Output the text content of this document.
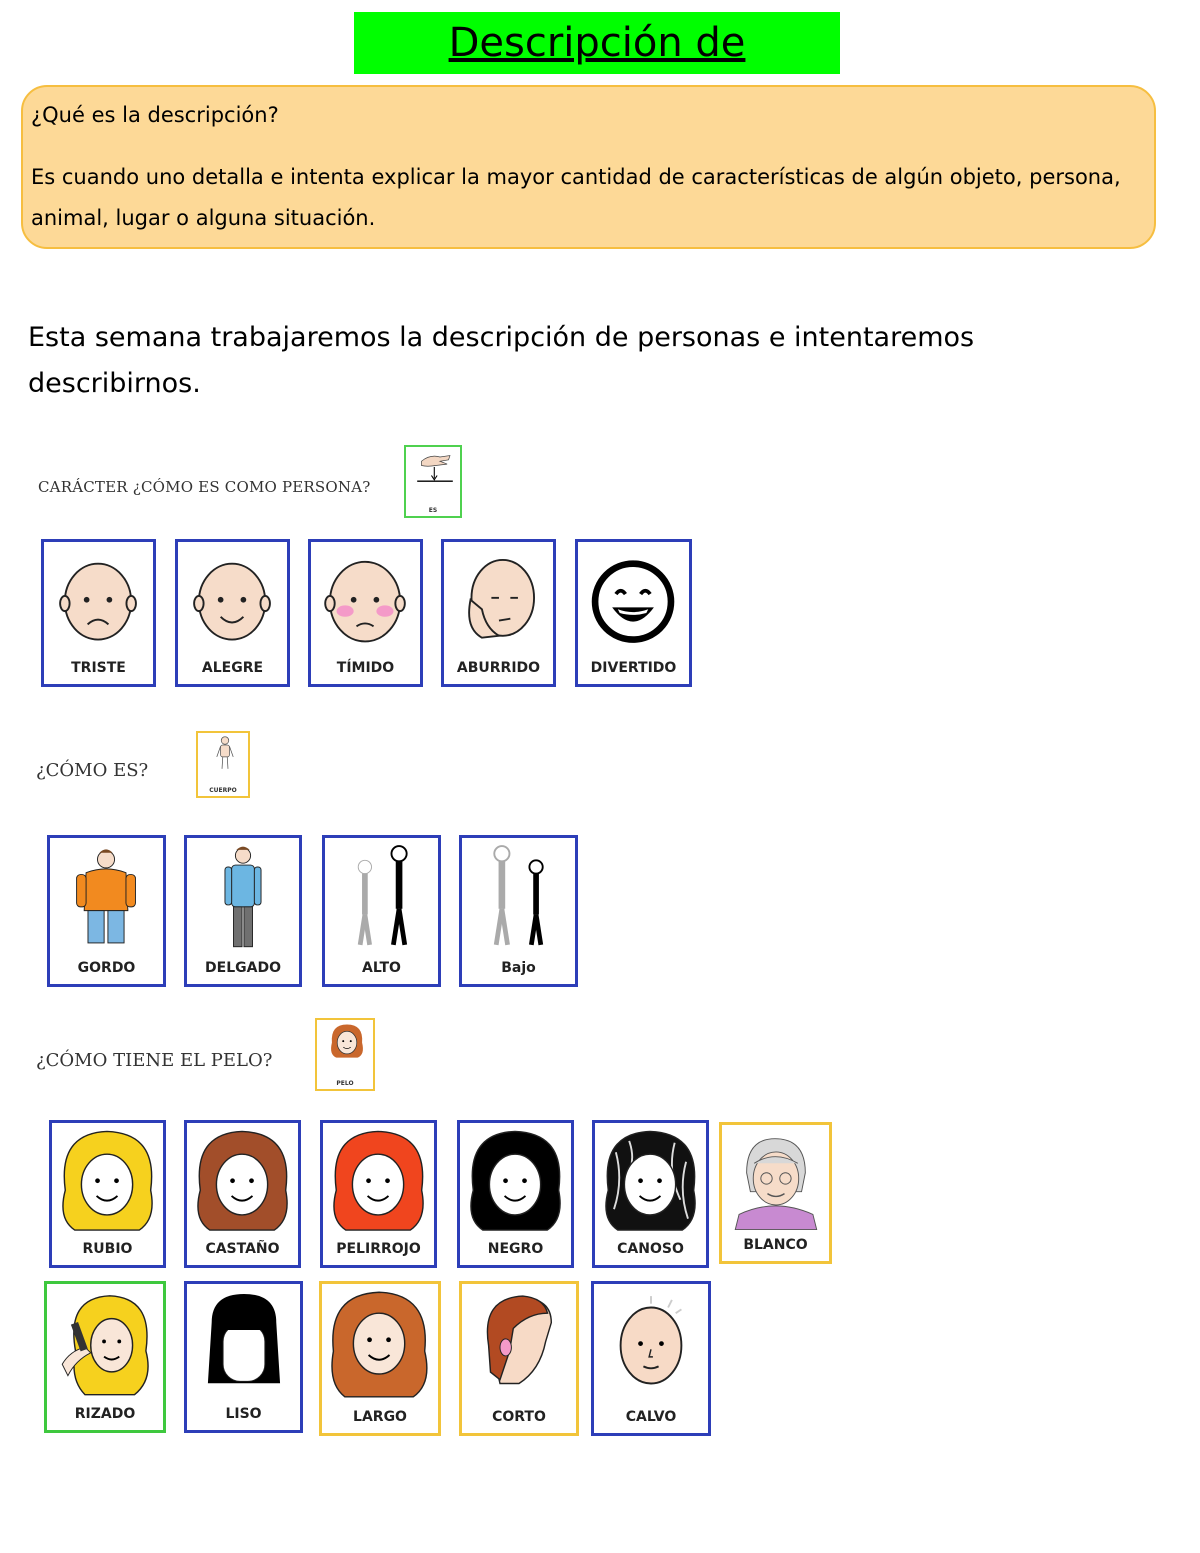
Descripción de
¿Qué es la descripción?
Es cuando uno detalla e intenta explicar la mayor cantidad de características de algún objeto, persona, animal, lugar o alguna situación.
Esta semana trabajaremos la descripción de personas e intentaremos describirnos.
CARÁCTER ¿CÓMO ES COMO PERSONA?
ES
TRISTE	ALEGRE	TÍMIDO	ABURRIDO	DIVERTIDO
¿CÓMO ES?
CUERPO
GORDO	DELGADO	ALTO	Bajo
¿CÓMO TIENE EL PELO?
PELO
RUBIO	CASTAÑO	PELIRROJO	NEGRO	CANOSO	BLANCO
RIZADO	LISO	LARGO	CORTO	CALVO
